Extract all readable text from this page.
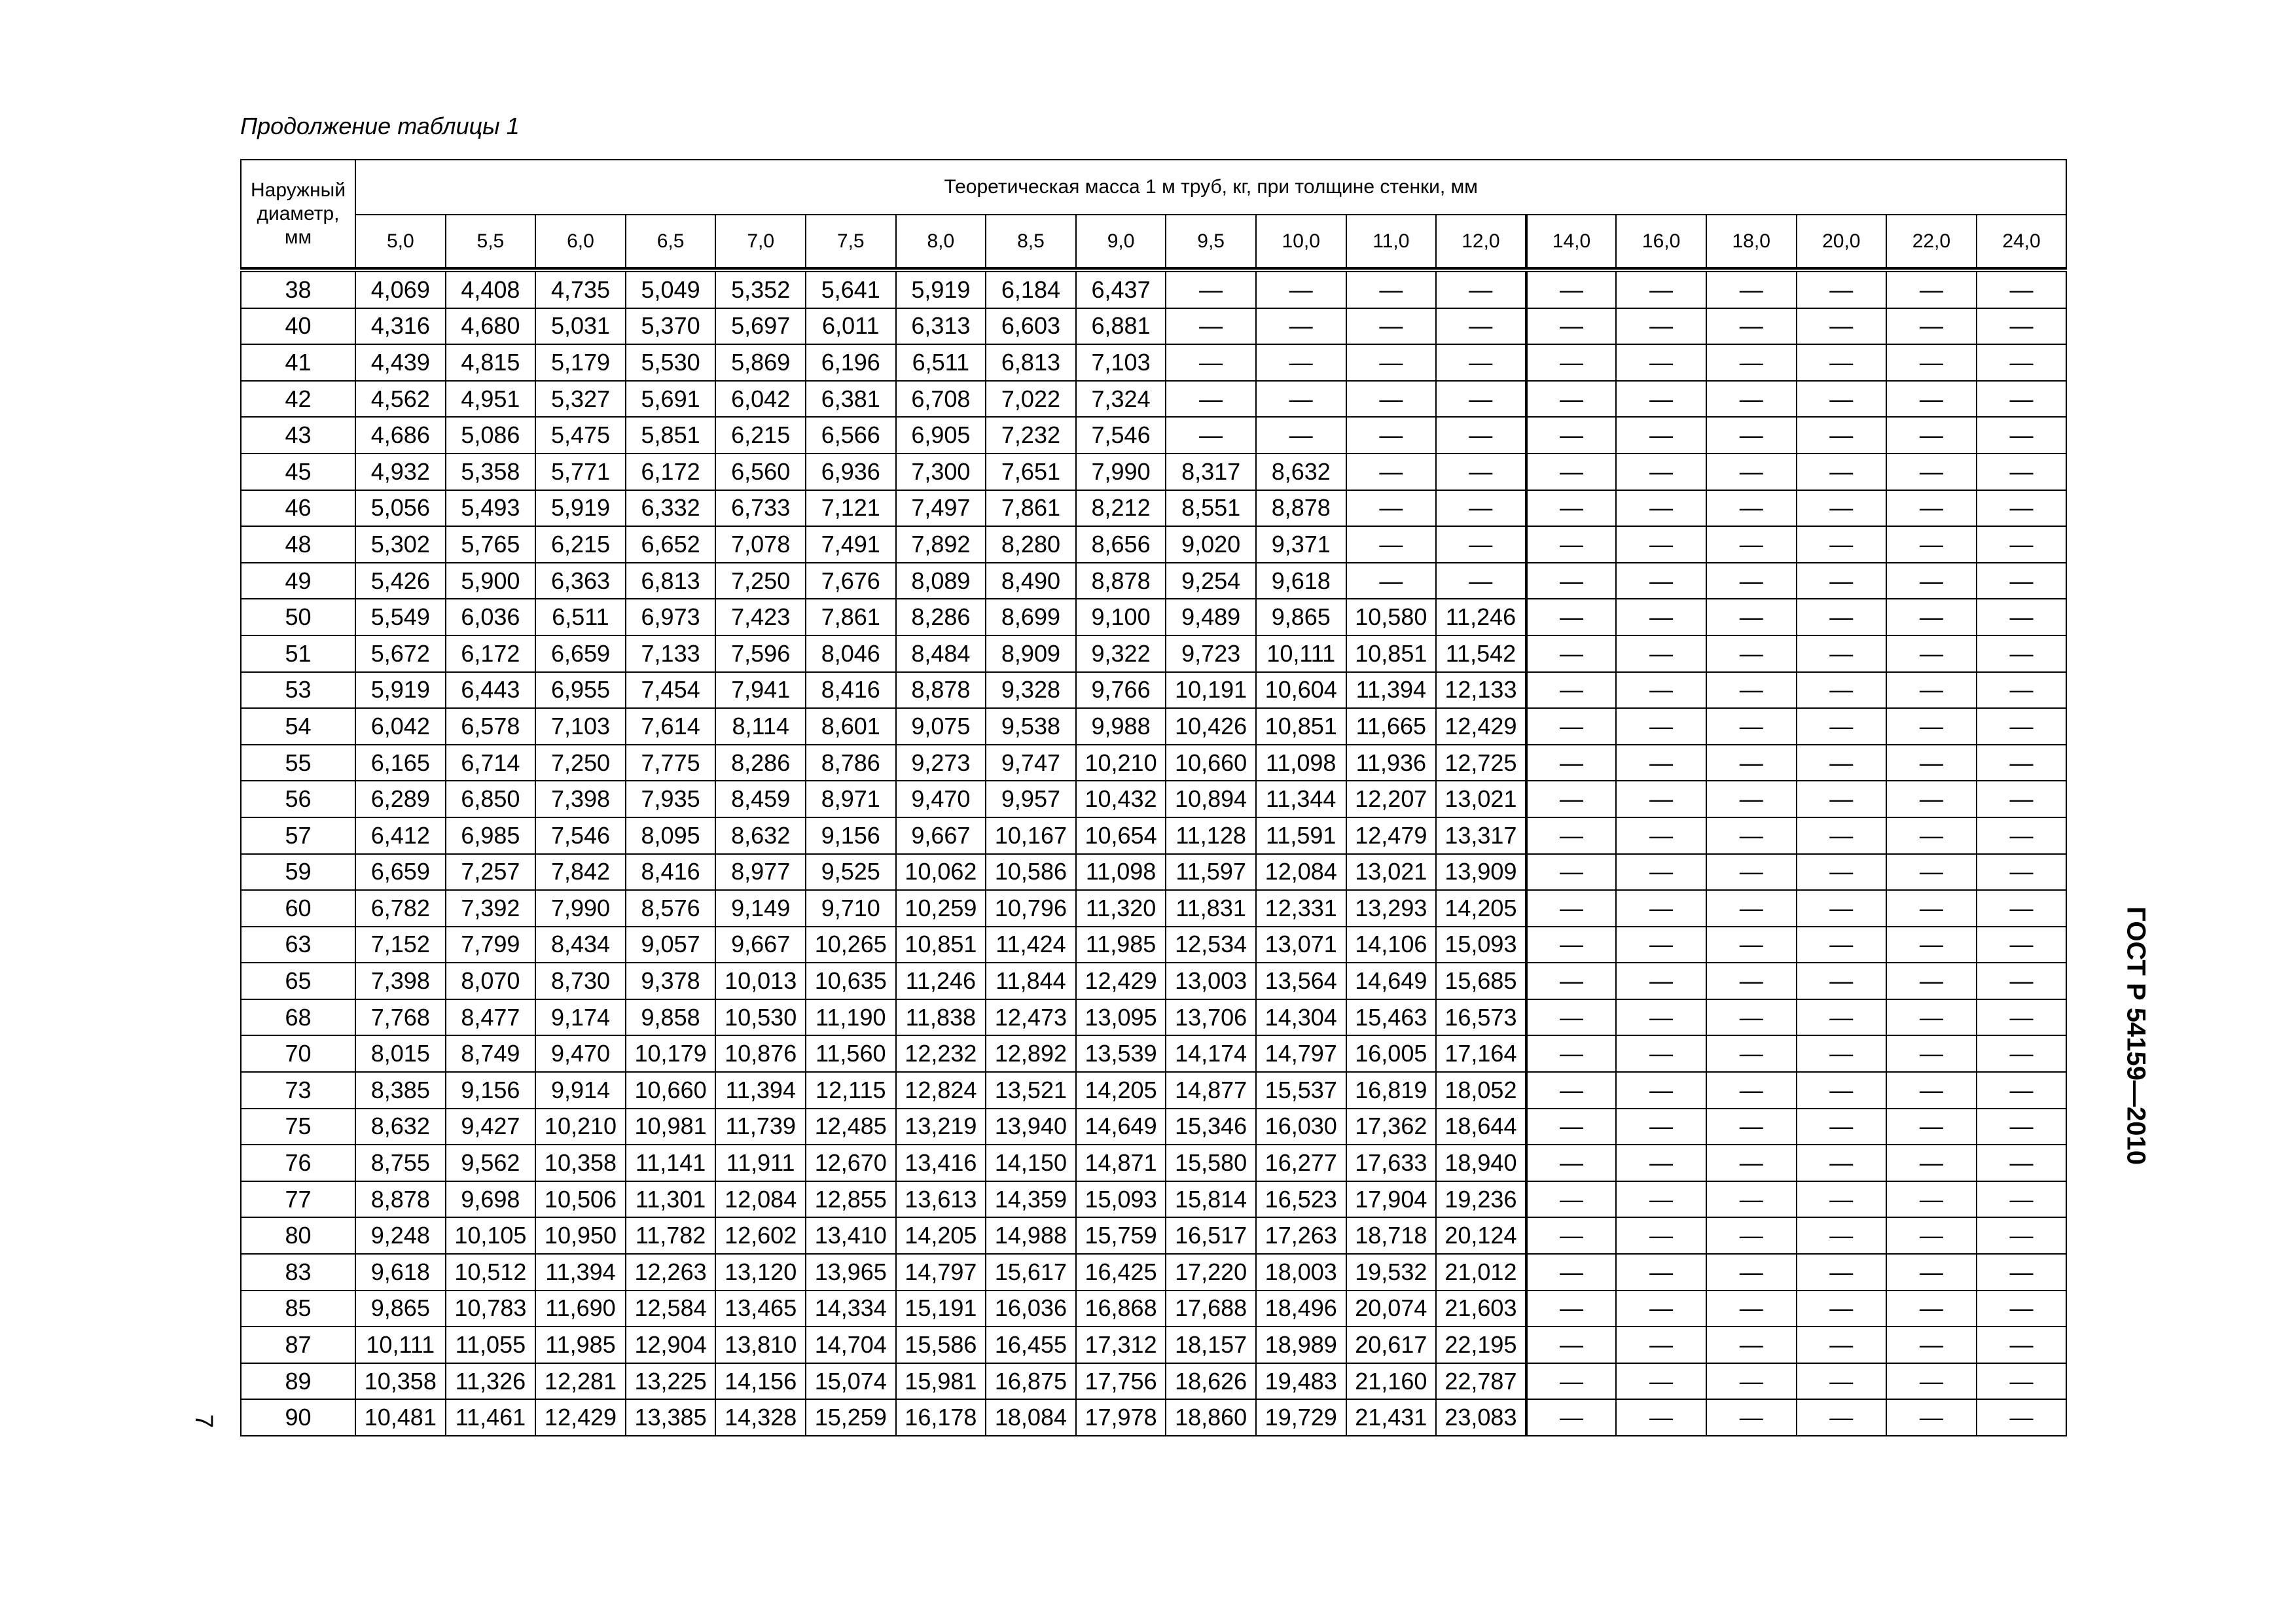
Продолжение таблицы 1
Наружный диаметр, мм	Теоретическая масса 1 м труб, кг, при толщине стенки, мм																		
	5,0	5,5	6,0	6,5	7,0	7,5	8,0	8,5	9,0	9,5	10,0	11,0	12,0	14,0	16,0	18,0	20,0	22,0	24,0

38	4,069	4,408	4,735	5,049	5,352	5,641	5,919	6,184	6,437	—	—	—	—	—	—	—	—	—	—
40	4,316	4,680	5,031	5,370	5,697	6,011	6,313	6,603	6,881	—	—	—	—	—	—	—	—	—	—
41	4,439	4,815	5,179	5,530	5,869	6,196	6,511	6,813	7,103	—	—	—	—	—	—	—	—	—	—
42	4,562	4,951	5,327	5,691	6,042	6,381	6,708	7,022	7,324	—	—	—	—	—	—	—	—	—	—
43	4,686	5,086	5,475	5,851	6,215	6,566	6,905	7,232	7,546	—	—	—	—	—	—	—	—	—	—
45	4,932	5,358	5,771	6,172	6,560	6,936	7,300	7,651	7,990	8,317	8,632	—	—	—	—	—	—	—	—
46	5,056	5,493	5,919	6,332	6,733	7,121	7,497	7,861	8,212	8,551	8,878	—	—	—	—	—	—	—	—
48	5,302	5,765	6,215	6,652	7,078	7,491	7,892	8,280	8,656	9,020	9,371	—	—	—	—	—	—	—	—
49	5,426	5,900	6,363	6,813	7,250	7,676	8,089	8,490	8,878	9,254	9,618	—	—	—	—	—	—	—	—
50	5,549	6,036	6,511	6,973	7,423	7,861	8,286	8,699	9,100	9,489	9,865	10,580	11,246	—	—	—	—	—	—
51	5,672	6,172	6,659	7,133	7,596	8,046	8,484	8,909	9,322	9,723	10,111	10,851	11,542	—	—	—	—	—	—
53	5,919	6,443	6,955	7,454	7,941	8,416	8,878	9,328	9,766	10,191	10,604	11,394	12,133	—	—	—	—	—	—
54	6,042	6,578	7,103	7,614	8,114	8,601	9,075	9,538	9,988	10,426	10,851	11,665	12,429	—	—	—	—	—	—
55	6,165	6,714	7,250	7,775	8,286	8,786	9,273	9,747	10,210	10,660	11,098	11,936	12,725	—	—	—	—	—	—
56	6,289	6,850	7,398	7,935	8,459	8,971	9,470	9,957	10,432	10,894	11,344	12,207	13,021	—	—	—	—	—	—
57	6,412	6,985	7,546	8,095	8,632	9,156	9,667	10,167	10,654	11,128	11,591	12,479	13,317	—	—	—	—	—	—
59	6,659	7,257	7,842	8,416	8,977	9,525	10,062	10,586	11,098	11,597	12,084	13,021	13,909	—	—	—	—	—	—
60	6,782	7,392	7,990	8,576	9,149	9,710	10,259	10,796	11,320	11,831	12,331	13,293	14,205	—	—	—	—	—	—
63	7,152	7,799	8,434	9,057	9,667	10,265	10,851	11,424	11,985	12,534	13,071	14,106	15,093	—	—	—	—	—	—
65	7,398	8,070	8,730	9,378	10,013	10,635	11,246	11,844	12,429	13,003	13,564	14,649	15,685	—	—	—	—	—	—
68	7,768	8,477	9,174	9,858	10,530	11,190	11,838	12,473	13,095	13,706	14,304	15,463	16,573	—	—	—	—	—	—
70	8,015	8,749	9,470	10,179	10,876	11,560	12,232	12,892	13,539	14,174	14,797	16,005	17,164	—	—	—	—	—	—
73	8,385	9,156	9,914	10,660	11,394	12,115	12,824	13,521	14,205	14,877	15,537	16,819	18,052	—	—	—	—	—	—
75	8,632	9,427	10,210	10,981	11,739	12,485	13,219	13,940	14,649	15,346	16,030	17,362	18,644	—	—	—	—	—	—
76	8,755	9,562	10,358	11,141	11,911	12,670	13,416	14,150	14,871	15,580	16,277	17,633	18,940	—	—	—	—	—	—
77	8,878	9,698	10,506	11,301	12,084	12,855	13,613	14,359	15,093	15,814	16,523	17,904	19,236	—	—	—	—	—	—
80	9,248	10,105	10,950	11,782	12,602	13,410	14,205	14,988	15,759	16,517	17,263	18,718	20,124	—	—	—	—	—	—
83	9,618	10,512	11,394	12,263	13,120	13,965	14,797	15,617	16,425	17,220	18,003	19,532	21,012	—	—	—	—	—	—
85	9,865	10,783	11,690	12,584	13,465	14,334	15,191	16,036	16,868	17,688	18,496	20,074	21,603	—	—	—	—	—	—
87	10,111	11,055	11,985	12,904	13,810	14,704	15,586	16,455	17,312	18,157	18,989	20,617	22,195	—	—	—	—	—	—
89	10,358	11,326	12,281	13,225	14,156	15,074	15,981	16,875	17,756	18,626	19,483	21,160	22,787	—	—	—	—	—	—
90	10,481	11,461	12,429	13,385	14,328	15,259	16,178	18,084	17,978	18,860	19,729	21,431	23,083	—	—	—	—	—	—
ГОСТ Р 54159—2010
7
